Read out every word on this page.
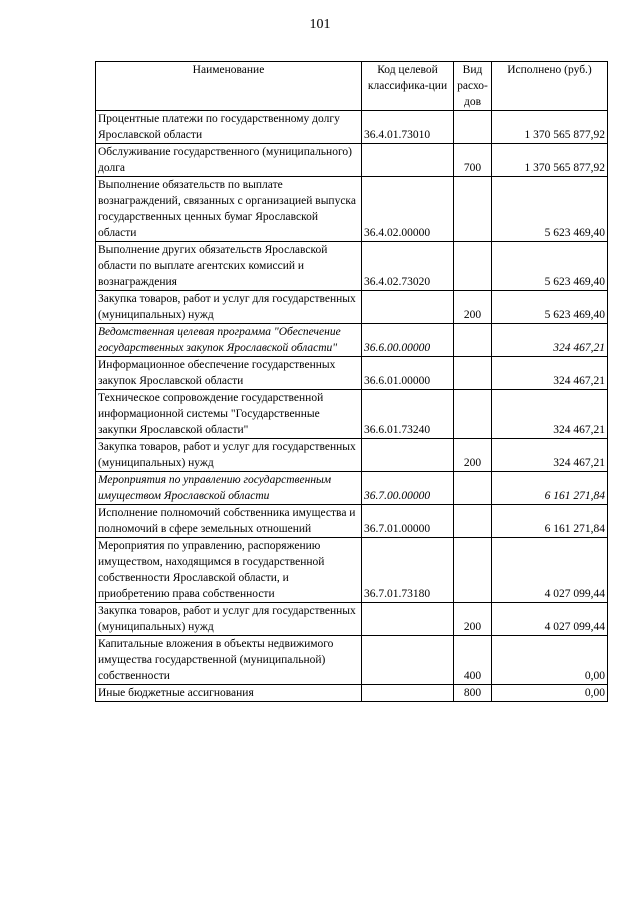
101
Наименование	Код целевой классифика-ции	Вид расхо-дов	Исполнено (руб.)
Процентные платежи по государственному долгу Ярославской области	36.4.01.73010		1 370 565 877,92
Обслуживание государственного (муниципального) долга		700	1 370 565 877,92
Выполнение обязательств по выплате вознаграждений, связанных с организацией выпуска государственных ценных бумаг Ярославской области	36.4.02.00000		5 623 469,40
Выполнение других обязательств Ярославской области по выплате агентских комиссий и вознаграждения	36.4.02.73020		5 623 469,40
Закупка товаров, работ и услуг для государственных (муниципальных) нужд		200	5 623 469,40
Ведомственная целевая программа "Обеспечение государственных закупок Ярославской области"	36.6.00.00000		324 467,21
Информационное обеспечение государственных закупок Ярославской области	36.6.01.00000		324 467,21
Техническое сопровождение государственной информационной системы "Государственные закупки Ярославской области"	36.6.01.73240		324 467,21
Закупка товаров, работ и услуг для государственных (муниципальных) нужд		200	324 467,21
Мероприятия по управлению государственным имуществом Ярославской области	36.7.00.00000		6 161 271,84
Исполнение полномочий собственника имущества и полномочий в сфере земельных отношений	36.7.01.00000		6 161 271,84
Мероприятия по управлению, распоряжению имуществом, находящимся в государственной собственности Ярославской области, и приобретению права собственности	36.7.01.73180		4 027 099,44
Закупка товаров, работ и услуг для государственных (муниципальных) нужд		200	4 027 099,44
Капитальные вложения в объекты недвижимого имущества государственной (муниципальной) собственности		400	0,00
Иные бюджетные ассигнования		800	0,00
